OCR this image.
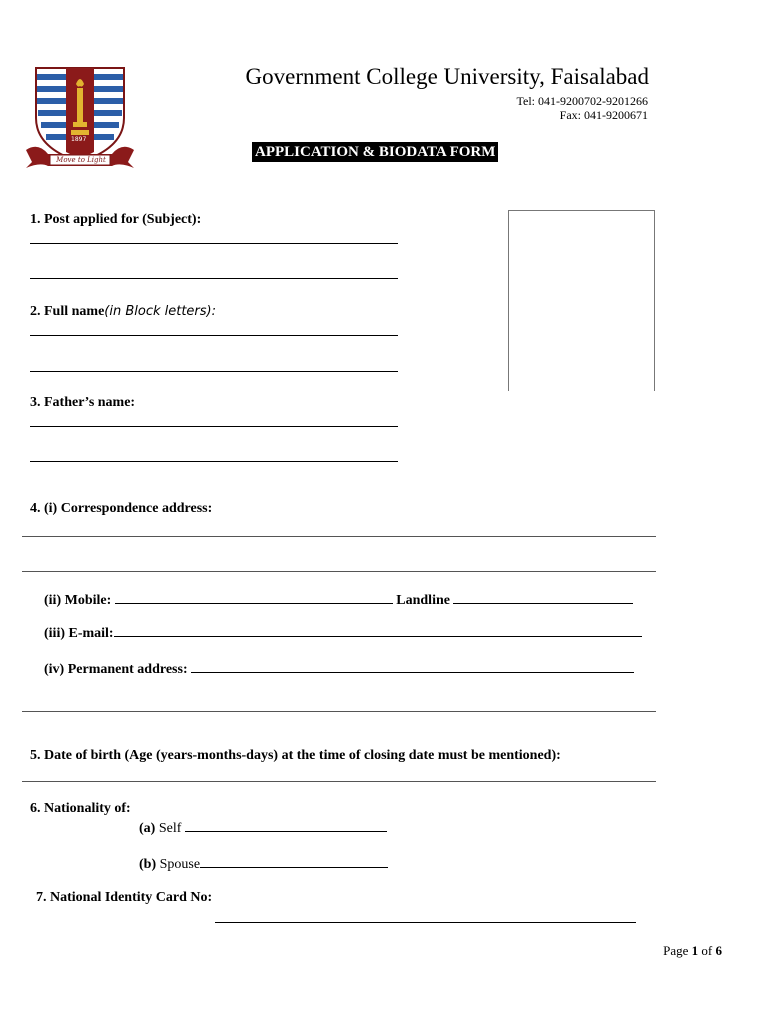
1897
Move to Light
Government College University, Faisalabad
Tel: 041-9200702-9201266
Fax: 041-9200671
APPLICATION & BIODATA FORM
1. Post applied for (Subject):
2. Full name(in Block letters):
3. Father’s name:
4. (i) Correspondence address:
(ii) Mobile:	Landline
(iii) E-mail:
(iv) Permanent address:
5. Date of birth (Age (years-months-days) at the time of closing date must be mentioned):
6. Nationality of:
(a) Self
(b) Spouse
7. National Identity Card No:
Page 1 of 6
